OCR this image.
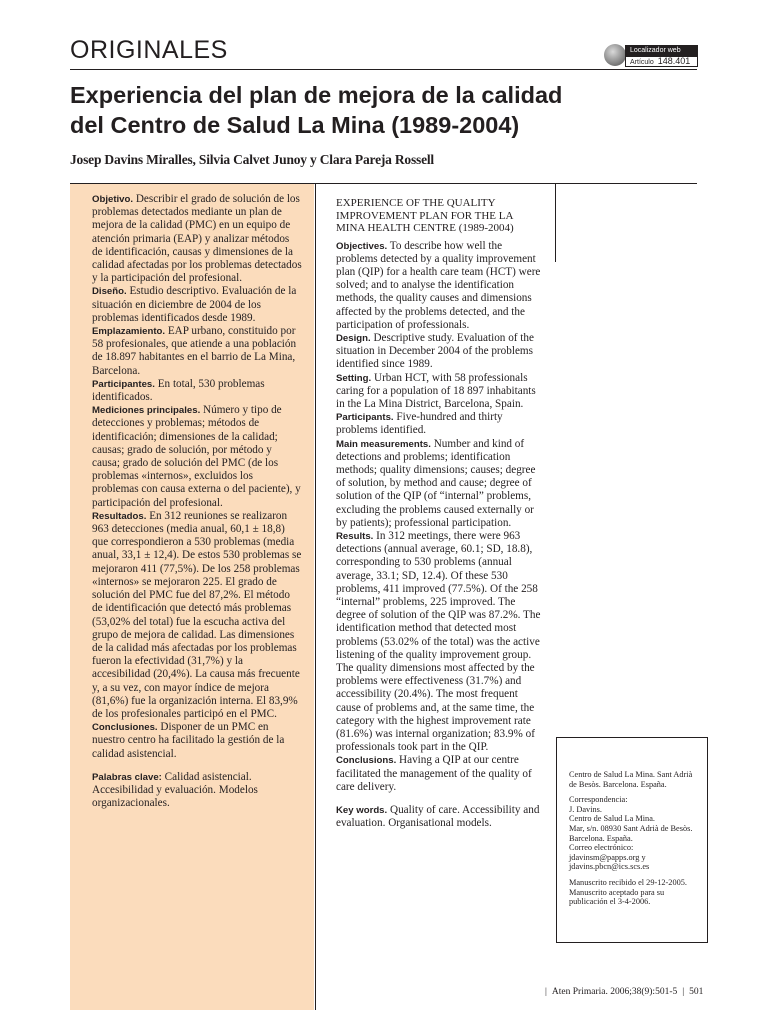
ORIGINALES	Localizador web
Artículo 148.401
Experiencia del plan de mejora de la calidad
del Centro de Salud La Mina (1989-2004)
Josep Davins Miralles, Silvia Calvet Junoy y Clara Pareja Rossell

Objetivo. Describir el grado de solución de los problemas detectados mediante un plan de mejora de la calidad (PMC) en un equipo de atención primaria (EAP) y analizar métodos de identificación, causas y dimensiones de la calidad afectadas por los problemas detectados y la participación del profesional.

Diseño. Estudio descriptivo. Evaluación de la situación en diciembre de 2004 de los problemas identificados desde 1989.

Emplazamiento. EAP urbano, constituido por 58 profesionales, que atiende a una población de 18.897 habitantes en el barrio de La Mina, Barcelona.

Participantes. En total, 530 problemas identificados.

Mediciones principales. Número y tipo de detecciones y problemas; métodos de identificación; dimensiones de la calidad; causas; grado de solución, por método y causa; grado de solución del PMC (de los problemas «internos», excluidos los problemas con causa externa o del paciente), y participación del profesional.

Resultados. En 312 reuniones se realizaron 963 detecciones (media anual, 60,1 ± 18,8) que correspondieron a 530 problemas (media anual, 33,1 ± 12,4). De estos 530 problemas se mejoraron 411 (77,5%). De los 258 problemas «internos» se mejoraron 225. El grado de solución del PMC fue del 87,2%. El método de identificación que detectó más problemas (53,02% del total) fue la escucha activa del grupo de mejora de calidad. Las dimensiones de la calidad más afectadas por los problemas fueron la efectividad (31,7%) y la accesibilidad (20,4%). La causa más frecuente y, a su vez, con mayor índice de mejora (81,6%) fue la organización interna. El 83,9% de los profesionales participó en el PMC.

Conclusiones. Disponer de un PMC en nuestro centro ha facilitado la gestión de la calidad asistencial.

Palabras clave: Calidad asistencial. Accesibilidad y evaluación. Modelos organizacionales.

EXPERIENCE OF THE QUALITY IMPROVEMENT PLAN FOR THE LA MINA HEALTH CENTRE (1989-2004)

Objectives. To describe how well the problems detected by a quality improvement plan (QIP) for a health care team (HCT) were solved; and to analyse the identification methods, the quality causes and dimensions affected by the problems detected, and the participation of professionals.

Design. Descriptive study. Evaluation of the situation in December 2004 of the problems identified since 1989.

Setting. Urban HCT, with 58 professionals caring for a population of 18 897 inhabitants in the La Mina District, Barcelona, Spain.

Participants. Five-hundred and thirty problems identified.

Main measurements. Number and kind of detections and problems; identification methods; quality dimensions; causes; degree of solution, by method and cause; degree of solution of the QIP (of “internal” problems, excluding the problems caused externally or by patients); professional participation.

Results. In 312 meetings, there were 963 detections (annual average, 60.1; SD, 18.8), corresponding to 530 problems (annual average, 33.1; SD, 12.4). Of these 530 problems, 411 improved (77.5%). Of the 258 “internal” problems, 225 improved. The degree of solution of the QIP was 87.2%. The identification method that detected most problems (53.02% of the total) was the active listening of the quality improvement group. The quality dimensions most affected by the problems were effectiveness (31.7%) and accessibility (20.4%). The most frequent cause of problems and, at the same time, the category with the highest improvement rate (81.6%) was internal organization; 83.9% of professionals took part in the QIP.

Conclusions. Having a QIP at our centre facilitated the management of the quality of care delivery.

Key words. Quality of care. Accessibility and evaluation. Organisational models.

Centro de Salud La Mina. Sant Adrià de Besòs. Barcelona. España.

Correspondencia:
J. Davins.
Centro de Salud La Mina.
Mar, s/n. 08930 Sant Adrià de Besòs. Barcelona. España.
Correo electrónico:
jdavinsm@papps.org y
jdavins.pbcn@ics.scs.es

Manuscrito recibido el 29-12-2005.
Manuscrito aceptado para su publicación el 3-4-2006.

| Aten Primaria. 2006;38(9):501-5 | 501
